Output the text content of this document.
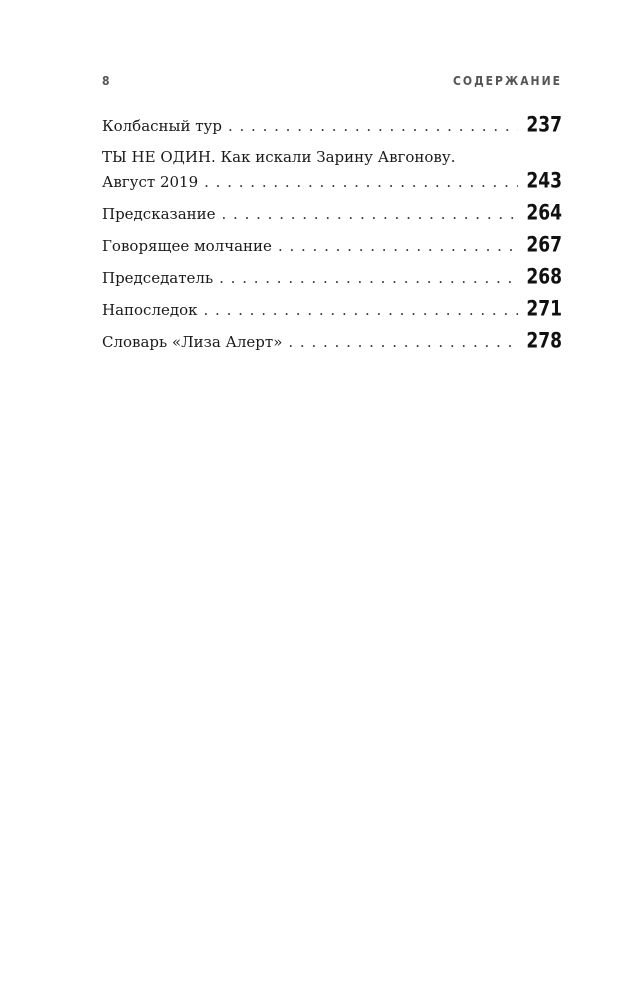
8	СОДЕРЖАНИЕ
Колбасный тур . . .	237
ТЫ НЕ ОДИН. Как искали Зарину Авгонову.
Август 2019 . . .	243
Предсказание . . .	264
Говорящее молчание . . .	267
Председатель . . .	268
Напоследок . . .	271
Словарь «Лиза Алерт» . . .	278
